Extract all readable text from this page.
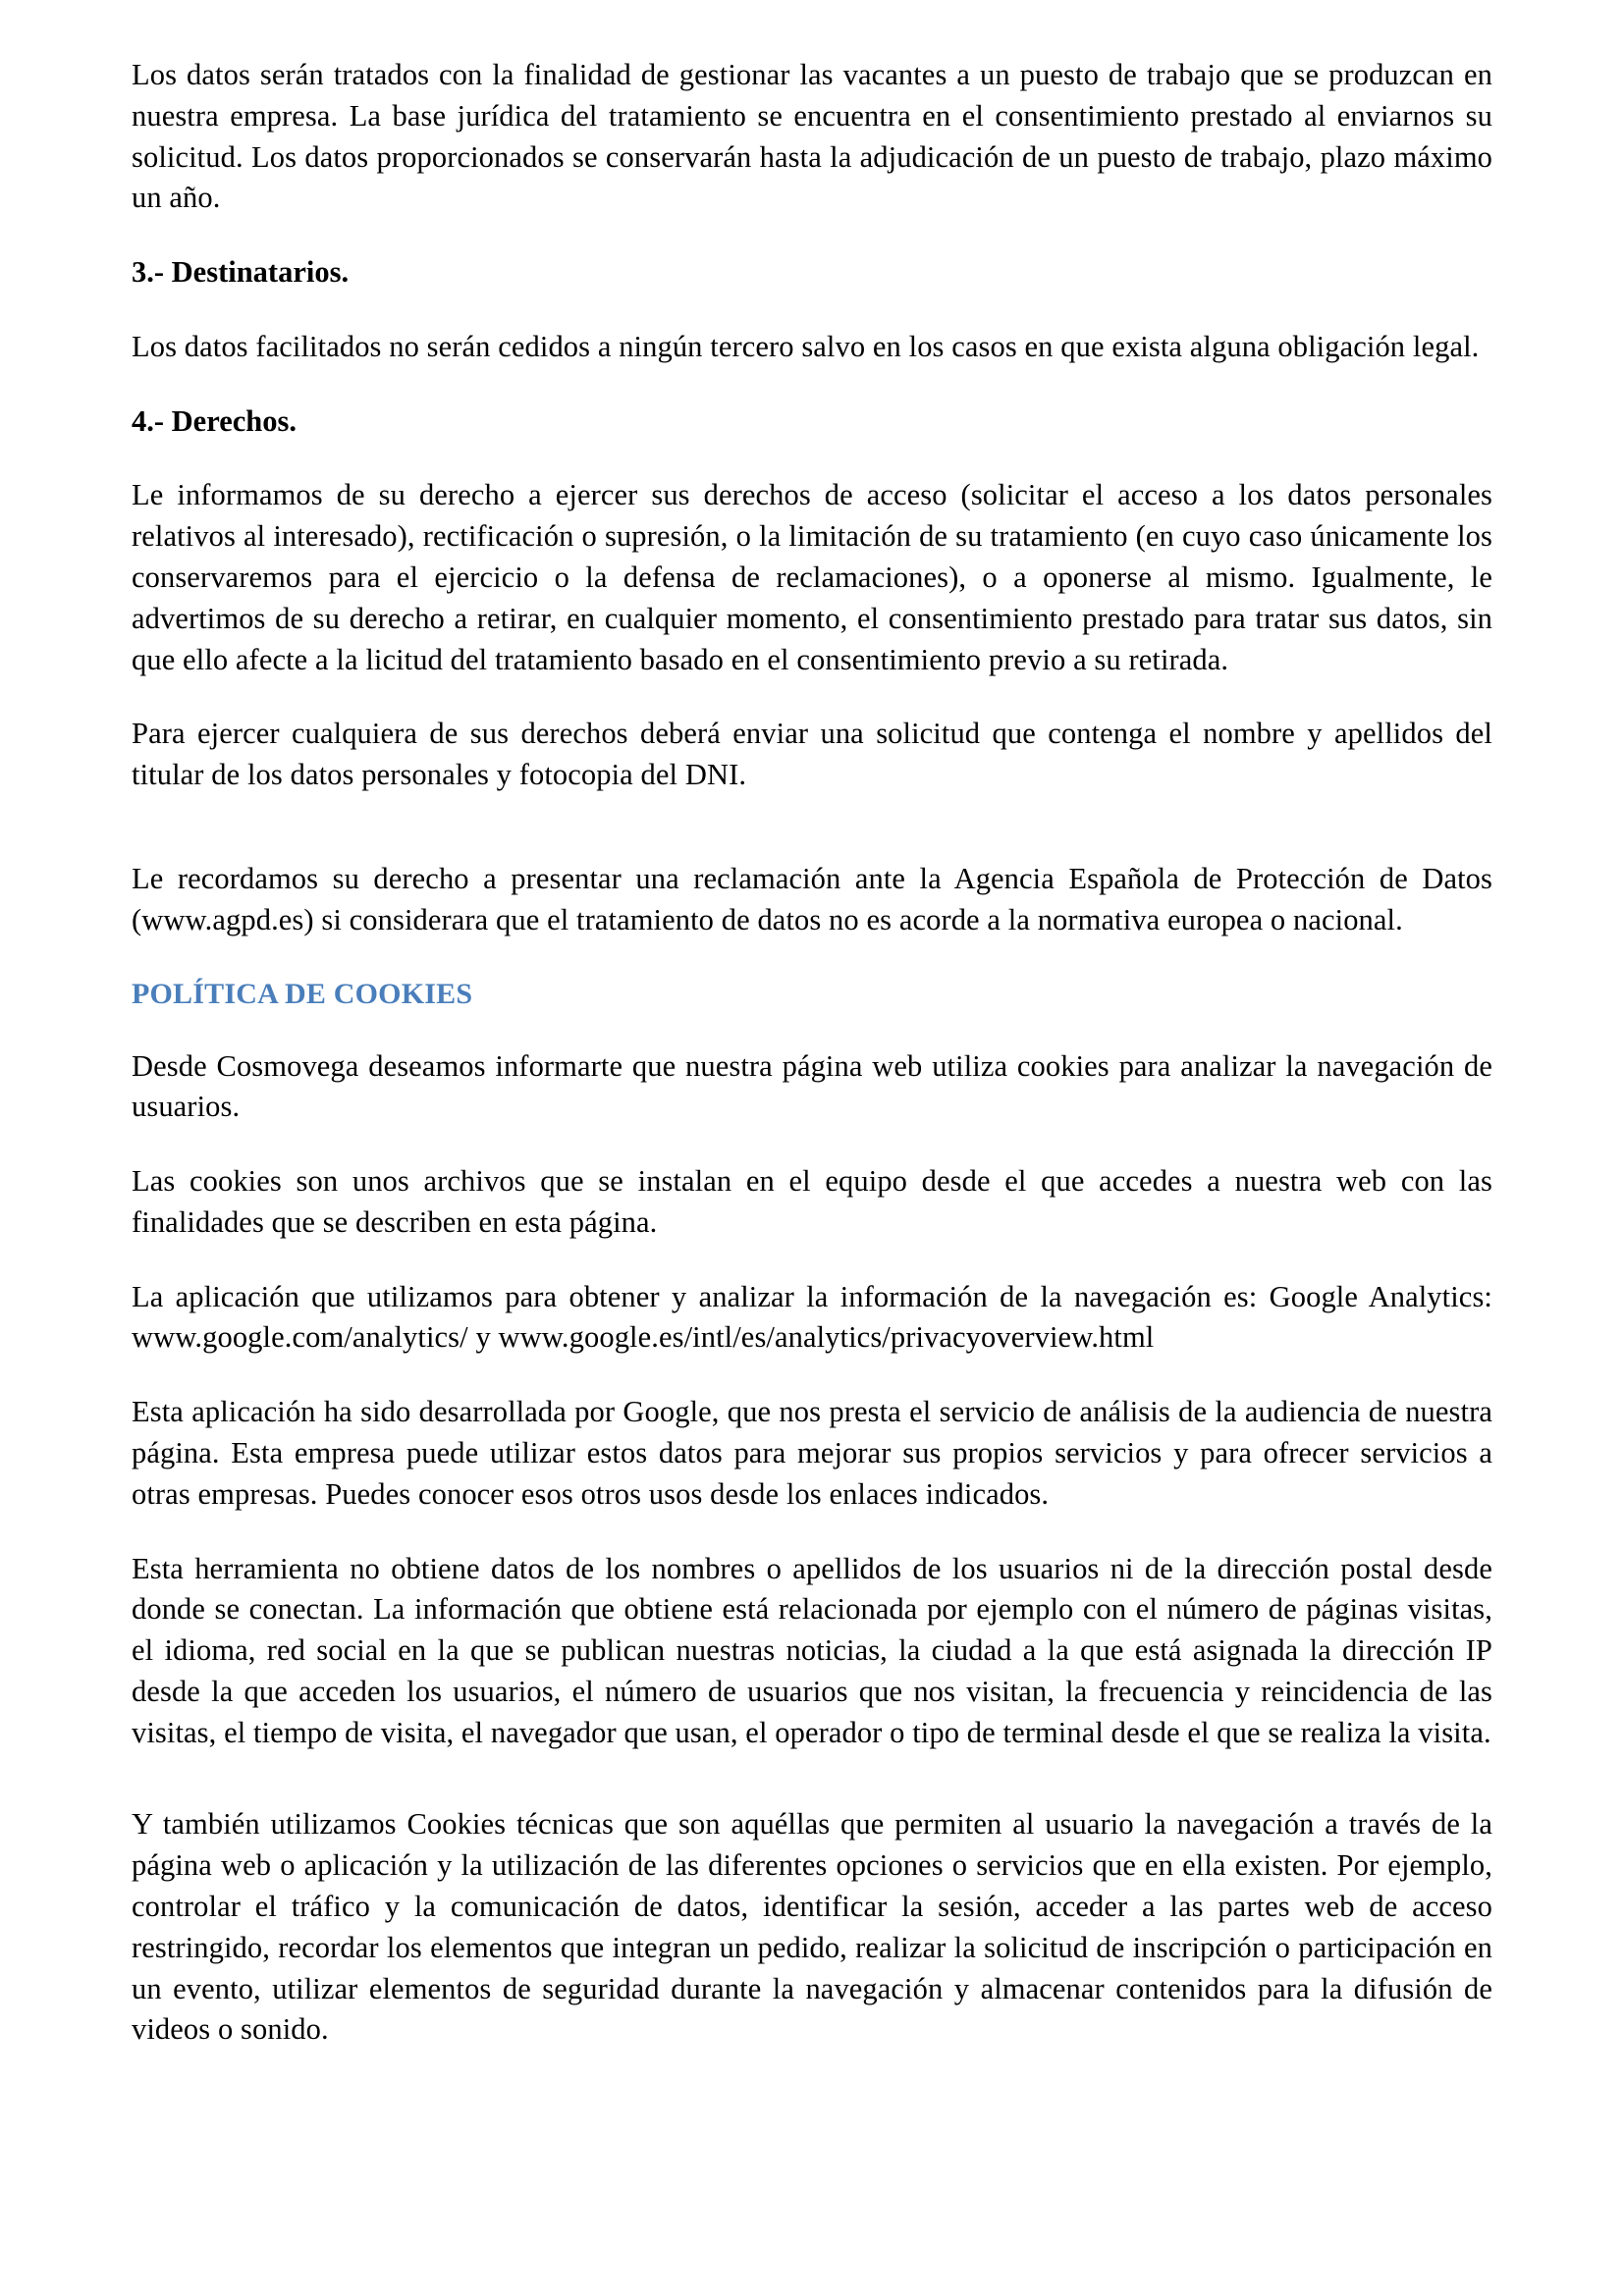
Los datos serán tratados con la finalidad de gestionar las vacantes a un puesto de trabajo que se produzcan en nuestra empresa. La base jurídica del tratamiento se encuentra en el consentimiento prestado al enviarnos su solicitud. Los datos proporcionados se conservarán hasta la adjudicación de un puesto de trabajo, plazo máximo un año.

3.- Destinatarios.

Los datos facilitados no serán cedidos a ningún tercero salvo en los casos en que exista alguna obligación legal.

4.- Derechos.

Le informamos de su derecho a ejercer sus derechos de acceso (solicitar el acceso a los datos personales relativos al interesado), rectificación o supresión, o la limitación de su tratamiento (en cuyo caso únicamente los conservaremos para el ejercicio o la defensa de reclamaciones), o a oponerse al mismo. Igualmente, le advertimos de su derecho a retirar, en cualquier momento, el consentimiento prestado para tratar sus datos, sin que ello afecte a la licitud del tratamiento basado en el consentimiento previo a su retirada.

Para ejercer cualquiera de sus derechos deberá enviar una solicitud que contenga el nombre y apellidos del titular de los datos personales y fotocopia del DNI.

Le recordamos su derecho a presentar una reclamación ante la Agencia Española de Protección de Datos (www.agpd.es) si considerara que el tratamiento de datos no es acorde a la normativa europea o nacional.

POLÍTICA DE COOKIES

Desde Cosmovega deseamos informarte que nuestra página web utiliza cookies para analizar la navegación de usuarios.

Las cookies son unos archivos que se instalan en el equipo desde el que accedes a nuestra web con las finalidades que se describen en esta página.

La aplicación que utilizamos para obtener y analizar la información de la navegación es: Google Analytics: www.google.com/analytics/ y www.google.es/intl/es/analytics/privacyoverview.html

Esta aplicación ha sido desarrollada por Google, que nos presta el servicio de análisis de la audiencia de nuestra página. Esta empresa puede utilizar estos datos para mejorar sus propios servicios y para ofrecer servicios a otras empresas. Puedes conocer esos otros usos desde los enlaces indicados.

Esta herramienta no obtiene datos de los nombres o apellidos de los usuarios ni de la dirección postal desde donde se conectan. La información que obtiene está relacionada por ejemplo con el número de páginas visitas, el idioma, red social en la que se publican nuestras noticias, la ciudad a la que está asignada la dirección IP desde la que acceden los usuarios, el número de usuarios que nos visitan, la frecuencia y reincidencia de las visitas, el tiempo de visita, el navegador que usan, el operador o tipo de terminal desde el que se realiza la visita.

Y también utilizamos Cookies técnicas que son aquéllas que permiten al usuario la navegación a través de la página web o aplicación y la utilización de las diferentes opciones o servicios que en ella existen. Por ejemplo, controlar el tráfico y la comunicación de datos, identificar la sesión, acceder a las partes web de acceso restringido, recordar los elementos que integran un pedido, realizar la solicitud de inscripción o participación en un evento, utilizar elementos de seguridad durante la navegación y almacenar contenidos para la difusión de videos o sonido.
